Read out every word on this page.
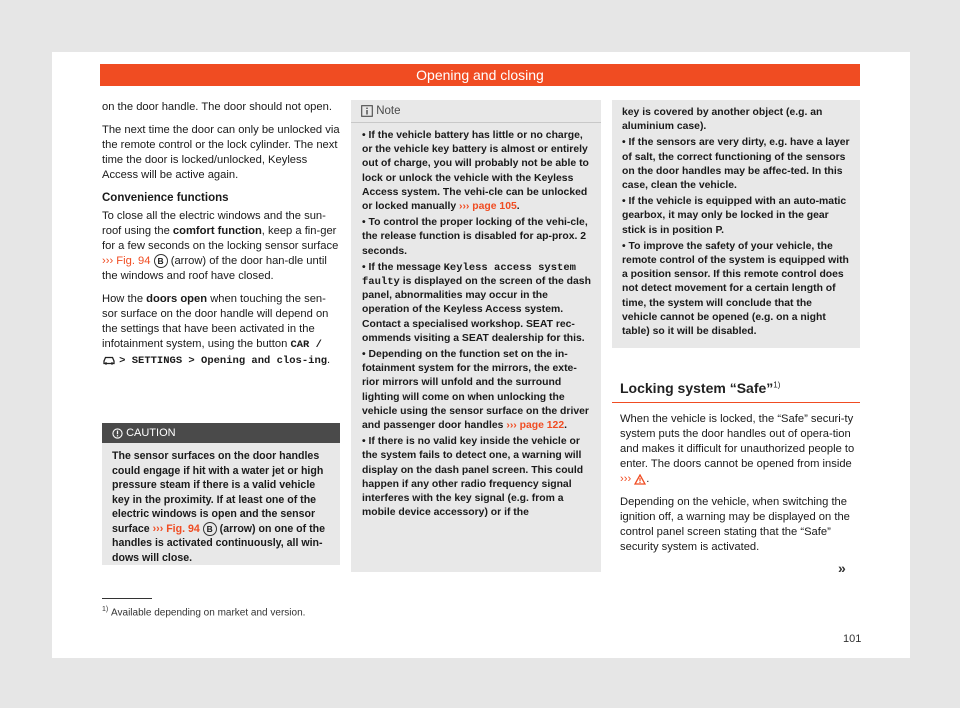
Opening and closing

on the door handle. The door should not open.

The next time the door can only be unlocked via the remote control or the lock cylinder. The next time the door is locked/unlocked, Keyless Access will be active again.

Convenience functions

To close all the electric windows and the sun-roof using the comfort function, keep a fin-ger for a few seconds on the locking sensor surface ››› Fig. 94 B (arrow) of the door han-dle until the windows and roof have closed.

How the doors open when touching the sen-sor surface on the door handle will depend on the settings that have been activated in the infotainment system, using the button CAR /  > SETTINGS > Opening and clos-ing.

CAUTION
The sensor surfaces on the door handles could engage if hit with a water jet or high pressure steam if there is a valid vehicle key in the proximity. If at least one of the electric windows is open and the sensor surface ››› Fig. 94 B (arrow) on one of the handles is activated continuously, all win-dows will close.
Note

• If the vehicle battery has little or no charge, or the vehicle key battery is almost or entirely out of charge, you will probably not be able to lock or unlock the vehicle with the Keyless Access system. The vehi-cle can be unlocked or locked manually ››› page 105.

• To control the proper locking of the vehi-cle, the release function is disabled for ap-prox. 2 seconds.

• If the message Keyless access system faulty is displayed on the screen of the dash panel, abnormalities may occur in the operation of the Keyless Access system. Contact a specialised workshop. SEAT rec-ommends visiting a SEAT dealership for this.

• Depending on the function set on the in-fotainment system for the mirrors, the exte-rior mirrors will unfold and the surround lighting will come on when unlocking the vehicle using the sensor surface on the driver and passenger door handles ››› page 122.

• If there is no valid key inside the vehicle or the system fails to detect one, a warning will display on the dash panel screen. This could happen if any other radio frequency signal interferes with the key signal (e.g. from a mobile device accessory) or if the

key is covered by another object (e.g. an aluminium case).

• If the sensors are very dirty, e.g. have a layer of salt, the correct functioning of the sensors on the door handles may be affec-ted. In this case, clean the vehicle.

• If the vehicle is equipped with an auto-matic gearbox, it may only be locked in the gear stick is in position P.

• To improve the safety of your vehicle, the remote control of the system is equipped with a position sensor. If this remote control does not detect movement for a certain length of time, the system will conclude that the vehicle cannot be opened (e.g. on a night table) so it will be disabled.

Locking system “Safe”$^{1)}$

When the vehicle is locked, the “Safe” securi-ty system puts the door handles out of opera-tion and makes it difficult for unauthorized people to enter. The doors cannot be opened from inside ››› .

Depending on the vehicle, when switching the ignition off, a warning may be displayed on the control panel screen stating that the “Safe” security system is activated.

»
$^{1)}$ Available depending on market and version.
101
